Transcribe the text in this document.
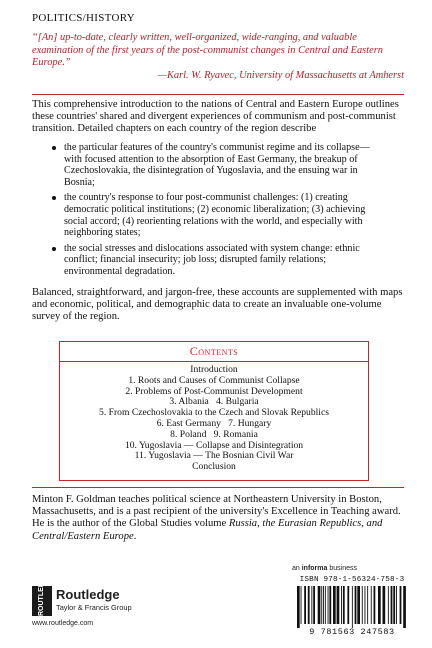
POLITICS/HISTORY
“[An] up-to-date, clearly written, well-organized, wide-ranging, and valuable examination of the first years of the post-communist changes in Central and Eastern Europe.”
—Karl. W. Ryavec, University of Massachusetts at Amherst
This comprehensive introduction to the nations of Central and Eastern Europe outlines these countries' shared and divergent experiences of communism and post-communist transition. Detailed chapters on each country of the region describe
the particular features of the country's communist regime and its collapse—with focused attention to the absorption of East Germany, the breakup of Czechoslovakia, the disintegration of Yugoslavia, and the ensuing war in Bosnia;
the country's response to four post-communist challenges: (1) creating democratic political institutions; (2) economic liberalization; (3) achieving social accord; (4) reorienting relations with the world, and especially with neighboring states;
the social stresses and dislocations associated with system change: ethnic conflict; financial insecurity; job loss; disrupted family relations; environmental degradation.
Balanced, straightforward, and jargon-free, these accounts are supplemented with maps and economic, political, and demographic data to create an invaluable one-volume survey of the region.
Contents
Introduction
1. Roots and Causes of Communist Collapse
2. Problems of Post-Communist Development
3. Albania   4. Bulgaria
5. From Czechoslovakia to the Czech and Slovak Republics
6. East Germany   7. Hungary
8. Poland   9. Romania
10. Yugoslavia — Collapse and Disintegration
11. Yugoslavia — The Bosnian Civil War
Conclusion
Minton F. Goldman teaches political science at Northeastern University in Boston, Massachusetts, and is a past recipient of the university's Excellence in Teaching award. He is the author of the Global Studies volume Russia, the Eurasian Republics, and Central/Eastern Europe.
ROUTLEDGE Routledge
Taylor & Francis Group
www.routledge.com
an informa business
ISBN 978-1-56324-758-3
9 781563 247583
